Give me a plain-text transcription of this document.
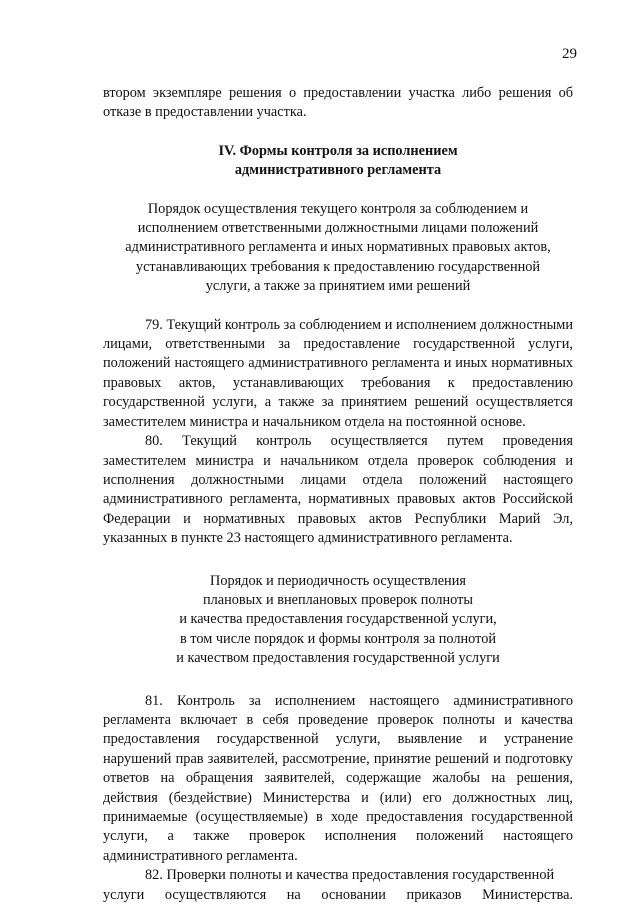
29

втором экземпляре решения о предоставлении участка либо решения об отказе в предоставлении участка.

IV. Формы контроля за исполнением
административного регламента
Порядок осуществления текущего контроля за соблюдением и
исполнением ответственными должностными лицами положений
административного регламента и иных нормативных правовых актов,
устанавливающих требования к предоставлению государственной
услуги, а также за принятием ими решений

79. Текущий контроль за соблюдением и исполнением должностными лицами, ответственными за предоставление государственной услуги, положений настоящего административного регламента и иных нормативных правовых актов, устанавливающих требования к предоставлению государственной услуги, а также за принятием решений осуществляется заместителем министра и начальником отдела на постоянной основе.

80. Текущий контроль осуществляется путем проведения заместителем министра и начальником отдела проверок соблюдения и исполнения должностными лицами отдела положений настоящего административного регламента, нормативных правовых актов Российской Федерации и нормативных правовых актов Республики Марий Эл, указанных в пункте 23 настоящего административного регламента.

Порядок и периодичность осуществления
плановых и внеплановых проверок полноты
и качества предоставления государственной услуги,
в том числе порядок и формы контроля за полнотой
и качеством предоставления государственной услуги

81. Контроль за исполнением настоящего административного регламента включает в себя проведение проверок полноты и качества предоставления государственной услуги, выявление и устранение нарушений прав заявителей, рассмотрение, принятие решений и подготовку ответов на обращения заявителей, содержащие жалобы на решения, действия (бездействие) Министерства и (или) его должностных лиц, принимаемые (осуществляемые) в ходе предоставления государственной услуги, а также проверок исполнения положений настоящего административного регламента.

82. Проверки полноты и качества предоставления государственной

услуги осуществляются на основании приказов Министерства.
